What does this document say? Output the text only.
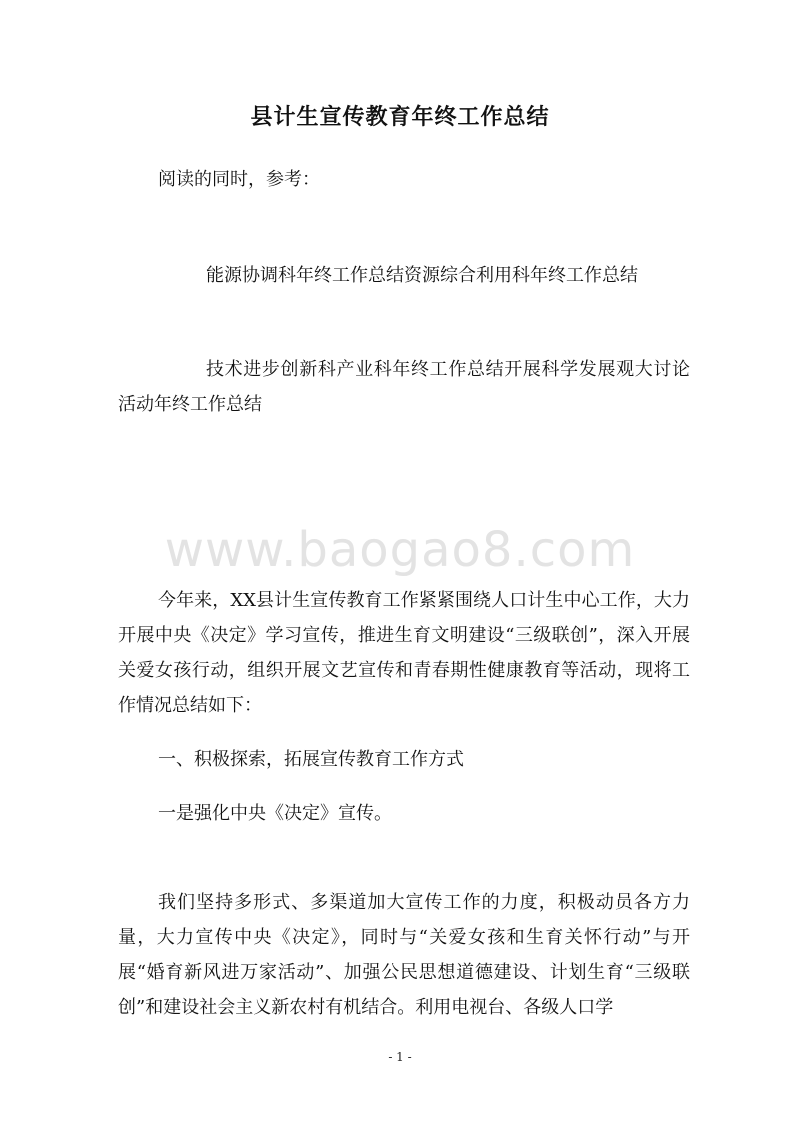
县计生宣传教育年终工作总结

阅读的同时，参考：

能源协调科年终工作总结资源综合利用科年终工作总结

技术进步创新科产业科年终工作总结开展科学发展观大讨论活动年终工作总结

www.baogao8.com

今年来，XX县计生宣传教育工作紧紧围绕人口计生中心工作，大力开展中央《决定》学习宣传，推进生育文明建设“三级联创”，深入开展关爱女孩行动，组织开展文艺宣传和青春期性健康教育等活动，现将工作情况总结如下：

一、积极探索，拓展宣传教育工作方式

一是强化中央《决定》宣传。

我们坚持多形式、多渠道加大宣传工作的力度，积极动员各方力量，大力宣传中央《决定》，同时与“关爱女孩和生育关怀行动”与开展“婚育新风进万家活动”、加强公民思想道德建设、计划生育“三级联创”和建设社会主义新农村有机结合。利用电视台、各级人口学

- 1 -
